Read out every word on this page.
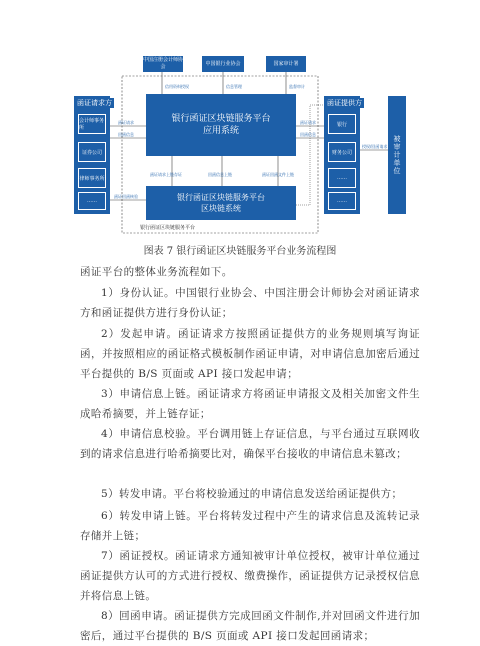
中国注册会计师协会
中国银行业协会	国家审计署
信用资料授权	信息管理	监督审计
银行函证区块链服务平台
应用系统
银行函证区块链服务平台
区块链系统
银行函证区块链服务平台
函证请求方
会计师事务所
证券公司
律师事务所
……
函证提供方
银行
财务公司
……
……
被审计单位
函证请求
回函信息
函证请求
回函信息
函证请求上链存证	回函信息上链	函证回函文件上链
函证回函核验
授权/回函请求
图表 7 银行函证区块链服务平台业务流程图
函证平台的整体业务流程如下。
1）身份认证。中国银行业协会、中国注册会计师协会对函证请求方和函证提供方进行身份认证；
2）发起申请。函证请求方按照函证提供方的业务规则填写询证函，并按照相应的函证格式模板制作函证申请，对申请信息加密后通过平台提供的 B/S 页面或 API 接口发起申请；
3）申请信息上链。函证请求方将函证申请报文及相关加密文件生成哈希摘要，并上链存证；
4）申请信息校验。平台调用链上存证信息，与平台通过互联网收到的请求信息进行哈希摘要比对，确保平台接收的申请信息未篡改；
5）转发申请。平台将校验通过的申请信息发送给函证提供方；
6）转发申请上链。平台将转发过程中产生的请求信息及流转记录存储并上链；
7）函证授权。函证请求方通知被审计单位授权，被审计单位通过函证提供方认可的方式进行授权、缴费操作，函证提供方记录授权信息并将信息上链。
8）回函申请。函证提供方完成回函文件制作,并对回函文件进行加密后，通过平台提供的 B/S 页面或 API 接口发起回函请求；
